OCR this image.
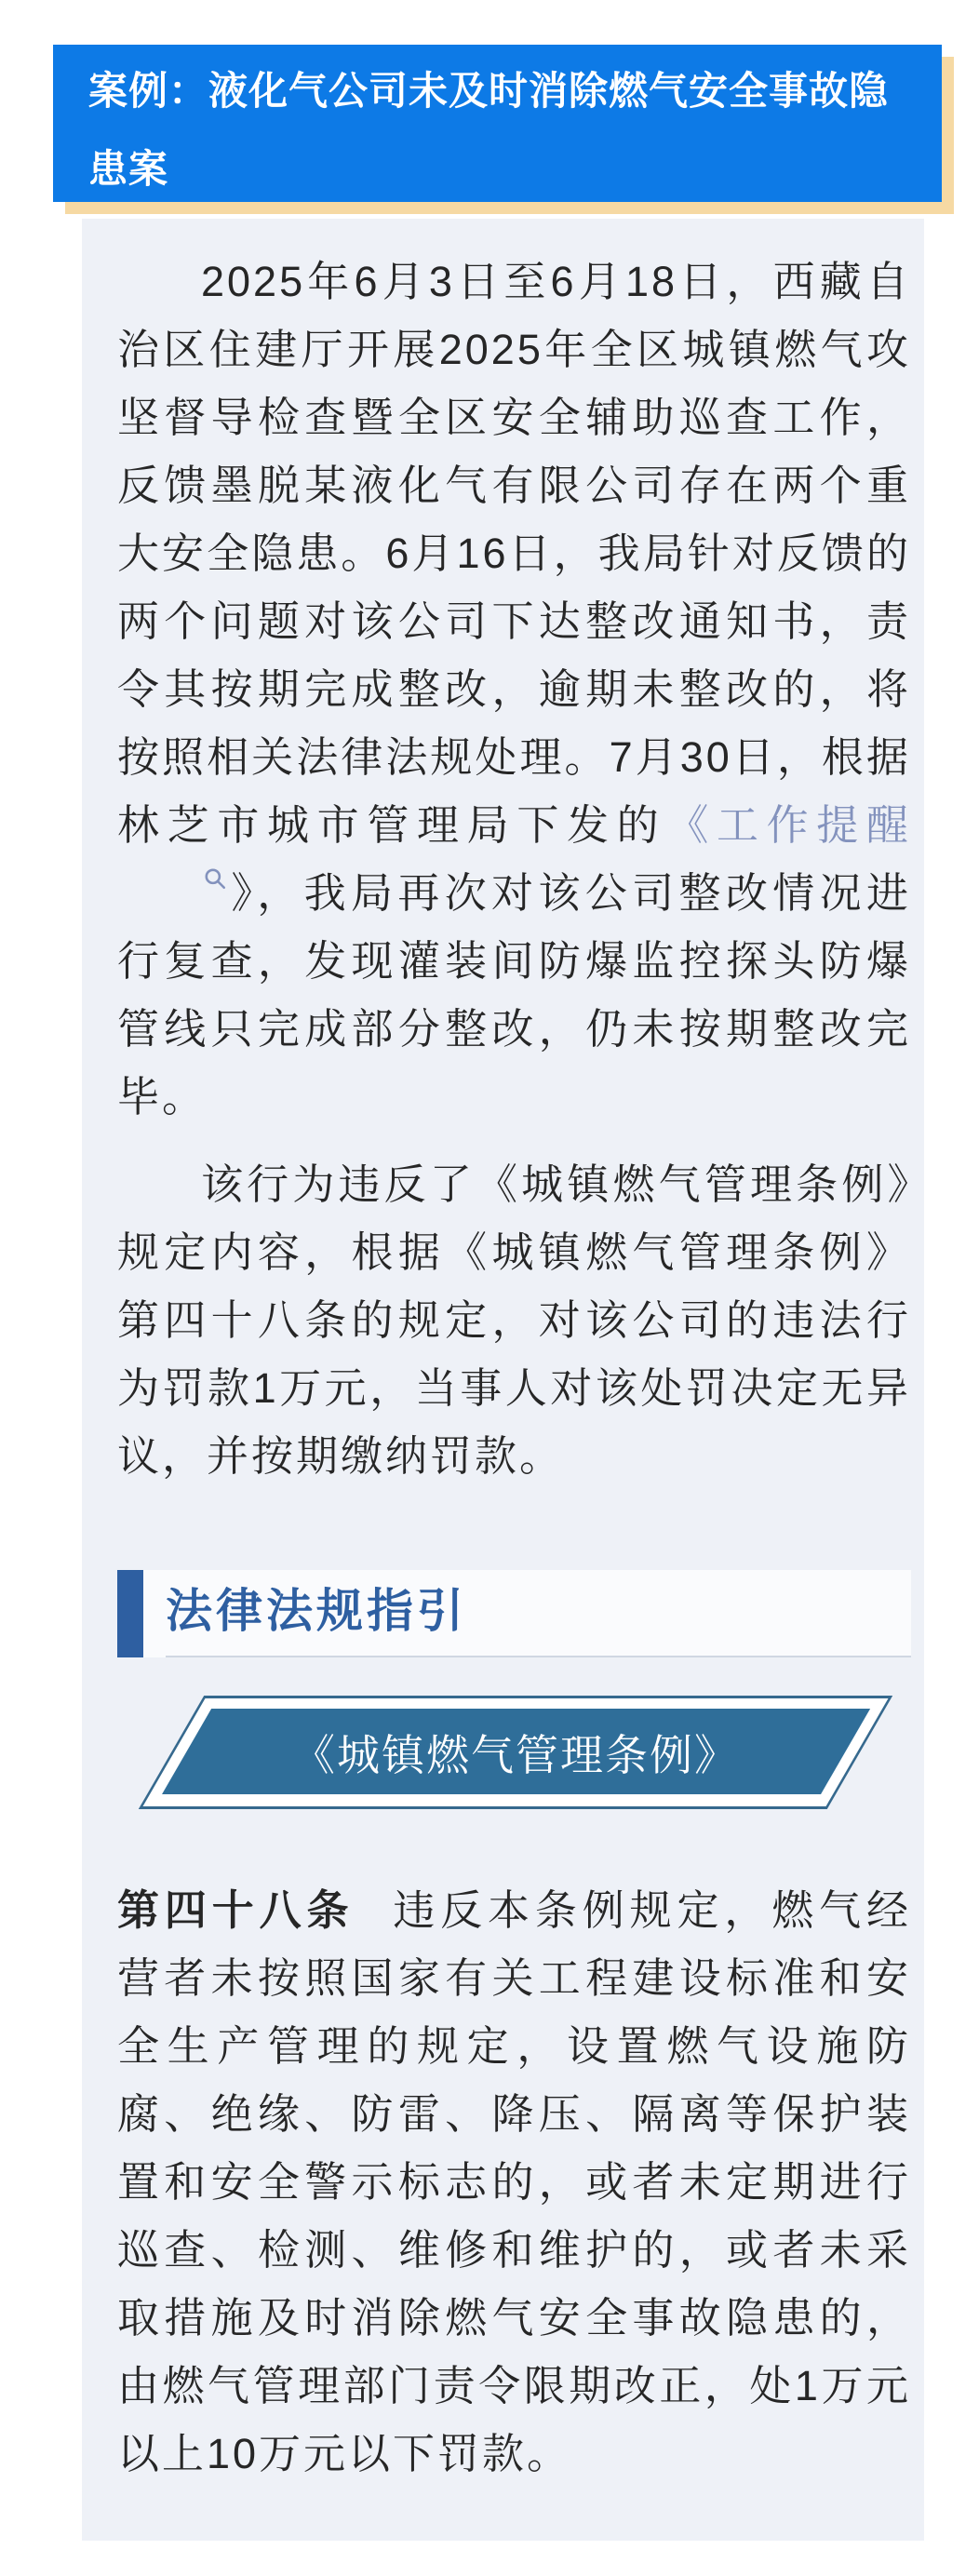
案例：液化气公司未及时消除燃气安全事故隐患案

2025年6月3日至6月18日，西藏自治区住建厅开展2025年全区城镇燃气攻坚督导检查暨全区安全辅助巡查工作，反馈墨脱某液化气有限公司存在两个重大安全隐患。6月16日，我局针对反馈的两个问题对该公司下达整改通知书，责令其按期完成整改，逾期未整改的，将按照相关法律法规处理。7月30日，根据林芝市城市管理局下发的《工作提醒》，我局再次对该公司整改情况进行复查，发现灌装间防爆监控探头防爆管线只完成部分整改，仍未按期整改完毕。

该行为违反了《城镇燃气管理条例》规定内容，根据《城镇燃气管理条例》第四十八条的规定，对该公司的违法行为罚款1万元，当事人对该处罚决定无异议，并按期缴纳罚款。

法律法规指引
《城镇燃气管理条例》

第四十八条 违反本条例规定，燃气经营者未按照国家有关工程建设标准和安全生产管理的规定，设置燃气设施防腐、绝缘、防雷、降压、隔离等保护装置和安全警示标志的，或者未定期进行巡查、检测、维修和维护的，或者未采取措施及时消除燃气安全事故隐患的，由燃气管理部门责令限期改正，处1万元以上10万元以下罚款。
